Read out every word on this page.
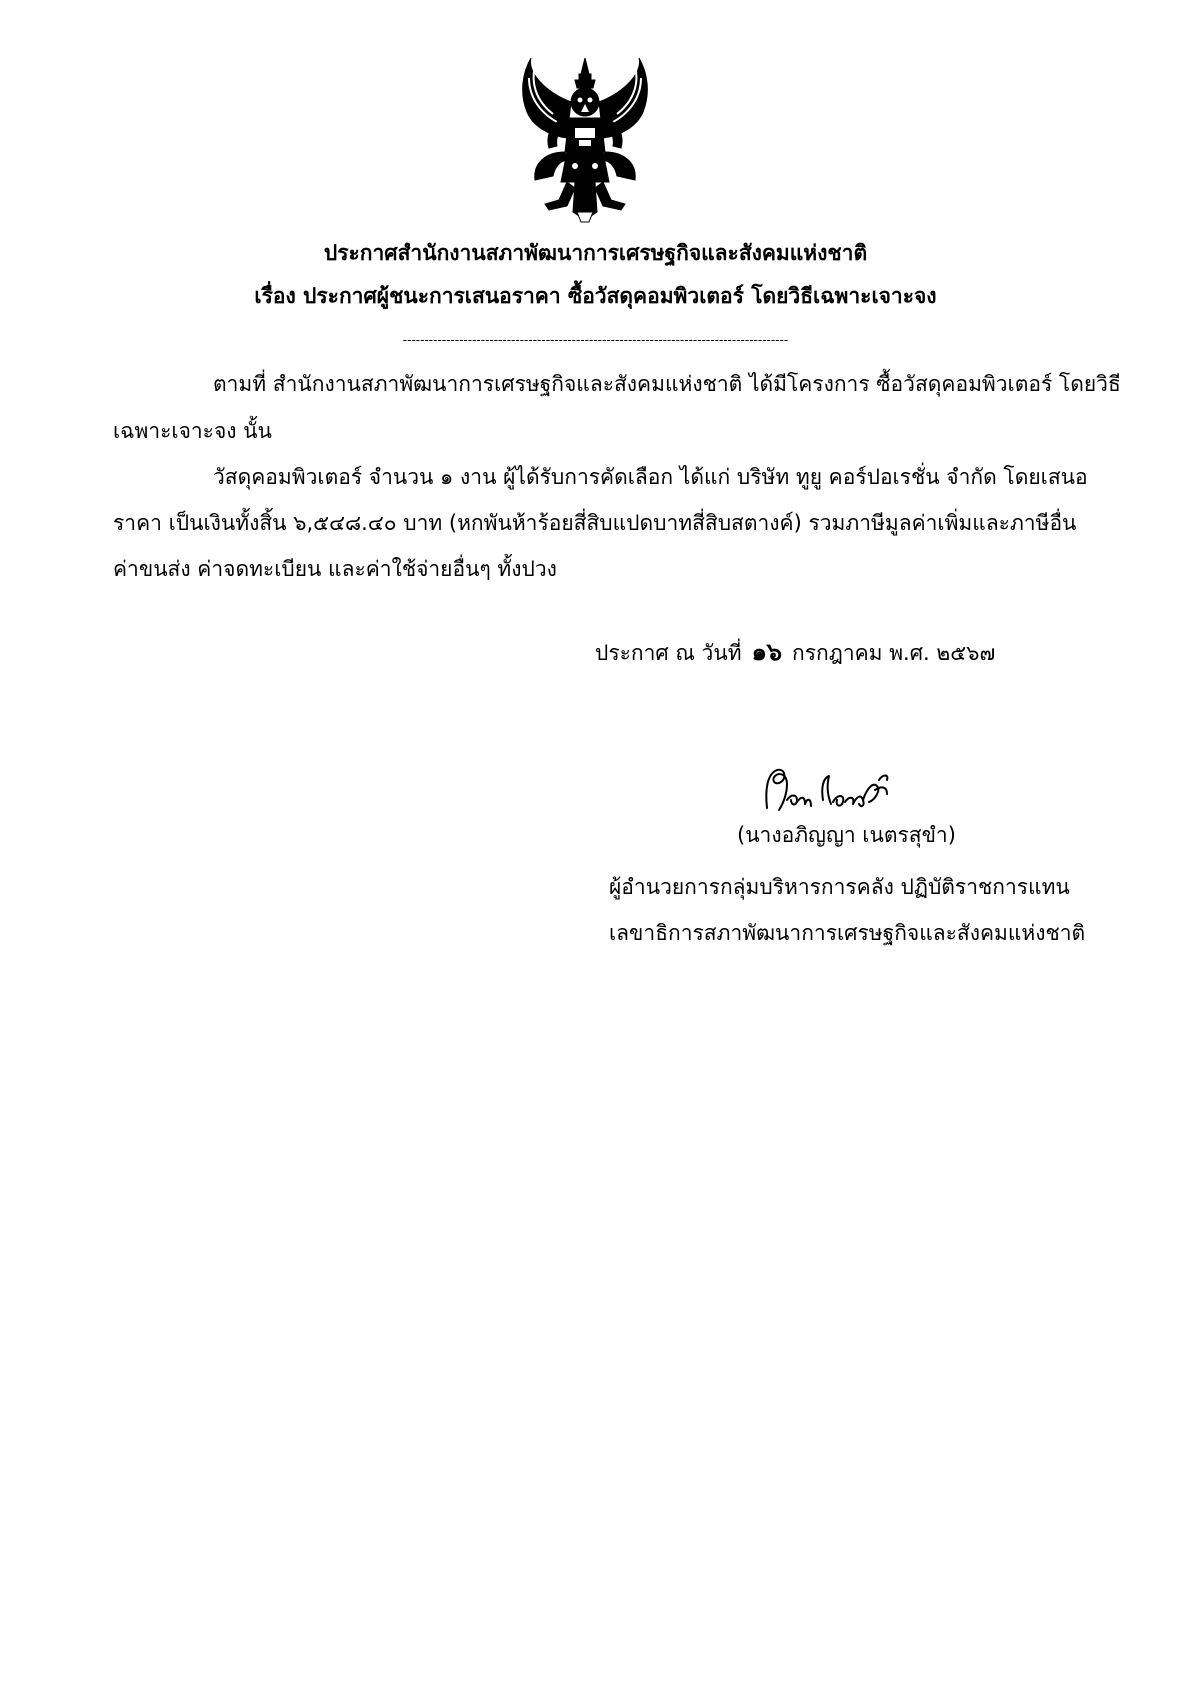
ประกาศสำนักงานสภาพัฒนาการเศรษฐกิจและสังคมแห่งชาติ
เรื่อง ประกาศผู้ชนะการเสนอราคา ซื้อวัสดุคอมพิวเตอร์ โดยวิธีเฉพาะเจาะจง
-----------------------------------------------------------------------------------------
ตามที่ สำนักงานสภาพัฒนาการเศรษฐกิจและสังคมแห่งชาติ ได้มีโครงการ ซื้อวัสดุคอมพิวเตอร์ โดยวิธี
เฉพาะเจาะจง นั้น
วัสดุคอมพิวเตอร์ จำนวน ๑ งาน ผู้ได้รับการคัดเลือก ได้แก่ บริษัท ทูยู คอร์ปอเรชั่น จำกัด โดยเสนอ
ราคา เป็นเงินทั้งสิ้น ๖,๕๔๘.๔๐ บาท (หกพันห้าร้อยสี่สิบแปดบาทสี่สิบสตางค์) รวมภาษีมูลค่าเพิ่มและภาษีอื่น
ค่าขนส่ง ค่าจดทะเบียน และค่าใช้จ่ายอื่นๆ ทั้งปวง
ประกาศ ณ วันที่ ๑๖ กรกฎาคม พ.ศ. ๒๕๖๗
(นางอภิญญา เนตรสุขำ)
ผู้อำนวยการกลุ่มบริหารการคลัง ปฏิบัติราชการแทน
เลขาธิการสภาพัฒนาการเศรษฐกิจและสังคมแห่งชาติ
